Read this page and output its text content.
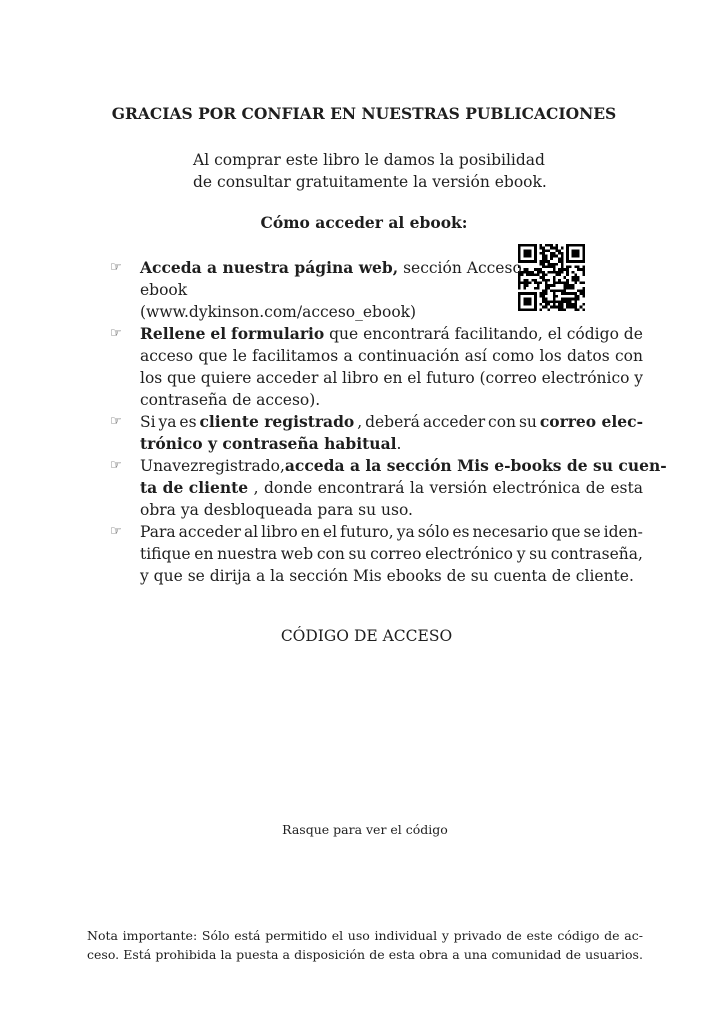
GRACIAS POR CONFIAR EN NUESTRAS PUBLICACIONES
Al comprar este libro le damos la posibilidad
de consultar gratuitamente la versión ebook.
Cómo acceder al ebook:
☞	Acceda a nuestra página web, sección Acceso
ebook
(www.dykinson.com/acceso_ebook)
☞	Rellene el formulario que encontrará facilitando, el código de
acceso que le facilitamos a continuación así como los datos con
los que quiere acceder al libro en el futuro (correo electrónico y
contraseña de acceso).
☞	Si ya es cliente registrado , deberá acceder con su correo elec-
trónico y contraseña habitual.
☞	Una vez registrado, acceda a la sección Mis e-books de su cuen-
ta de cliente , donde encontrará la versión electrónica de esta
obra ya desbloqueada para su uso.
☞	Para acceder al libro en el futuro, ya sólo es necesario que se iden-
tifique en nuestra web con su correo electrónico y su contraseña,
y que se dirija a la sección Mis ebooks de su cuenta de cliente.
CÓDIGO DE ACCESO
Rasque para ver el código
Nota importante: Sólo está permitido el uso individual y privado de este código de ac-
ceso. Está prohibida la puesta a disposición de esta obra a una comunidad de usuarios.
